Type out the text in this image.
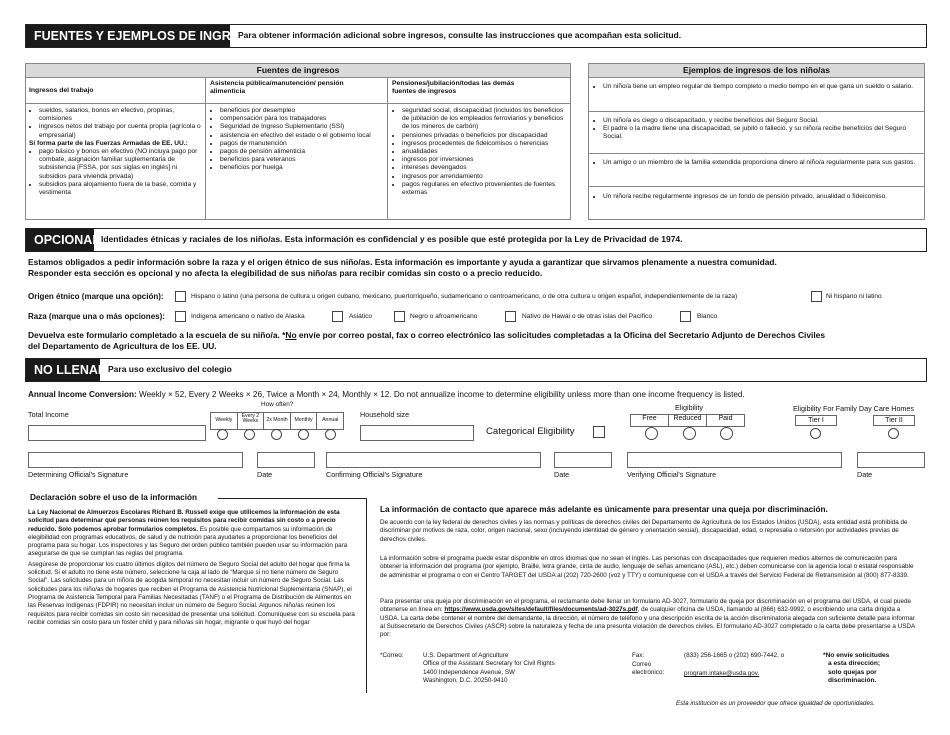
FUENTES Y EJEMPLOS DE INGRESOS
Para obtener información adicional sobre ingresos, consulte las instrucciones que acompañan esta solicitud.
Fuentes de ingresos
Ingresos del trabajo
• sueldos, salarios, bonos en efectivo, propinas, comisiones
• ingresos netos del trabajo por cuenta propia (agrícola o empresarial)
Si forma parte de las Fuerzas Armadas de EE. UU.:
• pago básico y bonos en efectivo (NO incluya pago por combate, asignación familiar suplementaria de subsistencia [FSSA, por sus siglas en inglés] ni subsidios para vivienda privada)
• subsidios para alojamiento fuera de la base, comida y vestimenta
Asistencia pública/manutención/ pensión alimenticia
• beneficios por desempleo
• compensación para los trabajadores
• Seguridad de Ingreso Suplementario (SSI)
• asistencia en efectivo del estado o el gobierno local
• pagos de manutención
• pagos de pensión alimenticia
• beneficios para veteranos
• beneficios por huelga
Pensiones/jubilación/todas las demás fuentes de ingresos
• seguridad social, discapacidad (incluidos los beneficios de jubilación de los empleados ferroviarios y beneficios de los mineros de carbón)
• pensiones privadas o beneficios por discapacidad
• ingresos procedentes de fideicomisos o herencias
• anualidades
• ingresos por inversiones
• intereses devengados
• ingresos por arrendamiento
• pagos regulares en efectivo provenientes de fuentes externas
Ejemplos de ingresos de los niño/as
• Un niño/a tiene un empleo regular de tiempo completo o medio tiempo en el que gana un sueldo o salario.
• Un niño/a es ciego o discapacitado, y recibe beneficios del Seguro Social.
• El padre o la madre tiene una discapacidad, se jubiló o falleció, y su niño/a recibe beneficios del Seguro Social.
• Un amigo o un miembro de la familia extendida proporciona dinero al niño/a regularmente para sus gastos.
• Un niño/a recibe regularmente ingresos de un fondo de pensión privado, anualidad o fideicomiso.
OPCIONAL Identidades étnicas y raciales de los niño/as. Esta información es confidencial y es posible que esté protegida por la Ley de Privacidad de 1974.
Estamos obligados a pedir información sobre la raza y el origen étnico de sus niño/as. Esta información es importante y ayuda a garantizar que sirvamos plenamente a nuestra comunidad.
Responder esta sección es opcional y no afecta la elegibilidad de sus niño/as para recibir comidas sin costo o a precio reducido.
Origen étnico (marque una opción):	Hispano o latino (una persona de cultura u origen cubano, mexicano, puertorriqueño, sudamericano o centroamericano, o de otra cultura u origen español, independientemente de la raza)	Ni hispano ni latino
Raza (marque una o más opciones):	Indígena americano o nativo de Alaska	Asiático	Negro o afroamericano	Nativo de Hawái o de otras islas del Pacífico	Blanco
Devuelva este formulario completado a la escuela de su niño/a. *No envíe por correo postal, fax o correo electrónico las solicitudes completadas a la Oficina del Secretario Adjunto de Derechos Civiles
del Departamento de Agricultura de los EE. UU.
NO LLENAR Para uso exclusivo del colegio
Annual Income Conversion: Weekly × 52, Every 2 Weeks × 26, Twice a Month × 24, Monthly × 12. Do not annualize income to determine eligibility unless more than one income frequency is listed.
Total Income
How often?
Weekly
Every 2 Weeks	2x Month	Monthly	Annual
Household size
Categorical Eligibility
Eligibility
Free	Reduced	Paid
Eligibility For Family Day Care Homes
Tier I	Tier II
Determining Official's Signature	Date	Confirming Official's Signature	Date	Verifying Official's Signature	Date
Declaración sobre el uso de la información
La Ley Nacional de Almuerzos Escolares Richard B. Russell exige que utilicemos la información de esta solicitud para determinar qué personas reúnen los requisitos para recibir comidas sin costo o a precio reducido. Solo podemos aprobar formularios completos. Es posible que compartamos su información de elegibilidad con programas educativos, de salud y de nutrición para ayudarles a proporcionar los beneficios del programa para su hogar. Los inspectores y las Seguro del orden público también pueden usar su información para asegurarse de que se cumplan las reglas del programa.
Asegúrese de proporcionar los cuatro últimos dígitos del número de Seguro Social del adulto del hogar que firma la solicitud. Si el adulto no tiene este número, seleccione la caja al lado de “Marque si no tiene número de Seguro Social”. Las solicitudes para un niño/a de acogida temporal no necesitan incluir un número de Seguro Social. Las solicitudes para los niño/as de hogares que reciben el Programa de Asistencia Nutricional Suplementaria (SNAP), el Programa de Asistencia Temporal para Familias Necesitadas (TANF) o el Programa de Distribución de Alimentos en las Reservas Indígenas (FDPIR) no necesitan incluir un número de Seguro Social. Algunos niño/as reúnen los requisitos para recibir comidas sin costo sin necesidad de presentar una solicitud. Comuníquese con su escuela para recibir comidas sin costo para un foster child y para niño/as sin hogar, migrante o que huyó del hogar
La información de contacto que aparece más adelante es únicamente para presentar una queja por discriminación.
De acuerdo con la ley federal de derechos civiles y las normas y políticas de derechos civiles del Departamento de Agricultura de los Estados Unidos (USDA), esta entidad está prohibida de discriminar por motivos de raza, color, origen nacional, sexo (incluyendo identidad de género y orientación sexual), discapacidad, edad, o represalia o retorsión por actividades previas de derechos civiles.
La información sobre el programa puede estar disponible en otros idiomas que no sean el inglés. Las personas con discapacidades que requieren medios alternos de comunicación para obtener la información del programa (por ejemplo, Braille, letra grande, cinta de audio, lenguaje de señas americano (ASL), etc.) deben comunicarse con la agencia local o estatal responsable de administrar el programa o con el Centro TARGET del USDA al (202) 720-2600 (voz y TTY) o comuníquese con el USDA a través del Servicio Federal de Retransmisión al (800) 877-8339.
Para presentar una queja por discriminación en el programa, el reclamante debe llenar un formulario AD-3027, formulario de queja por discriminación en el programa del USDA, el cual puede obtenerse en línea en: https://www.usda.gov/sites/default/files/documents/ad-3027s.pdf, de cualquier oficina de USDA, llamando al (866) 632-9992, o escribiendo una carta dirigida a USDA. La carta debe contener el nombre del demandante, la dirección, el número de teléfono y una descripción escrita de la acción discriminatoria alegada con suficiente detalle para informar al Subsecretario de Derechos Civiles (ASCR) sobre la naturaleza y fecha de una presunta violación de derechos civiles. El formulario AD-3027 completado o la carta debe presentarse a USDA por:
*Correo:	U.S. Department of Agriculture
Office of the Assistant Secretary for Civil Rights
1400 Independence Avenue, SW
Washington, D.C. 20250-9410
Fax:	(833) 256-1665 o (202) 690-7442, o
Correo
electrónico:	program.intake@usda.gov.
*No envíe solicitudes
a esta dirección;
solo quejas por
discriminación.
Esta institución es un proveedor que ofrece igualdad de oportunidades.
